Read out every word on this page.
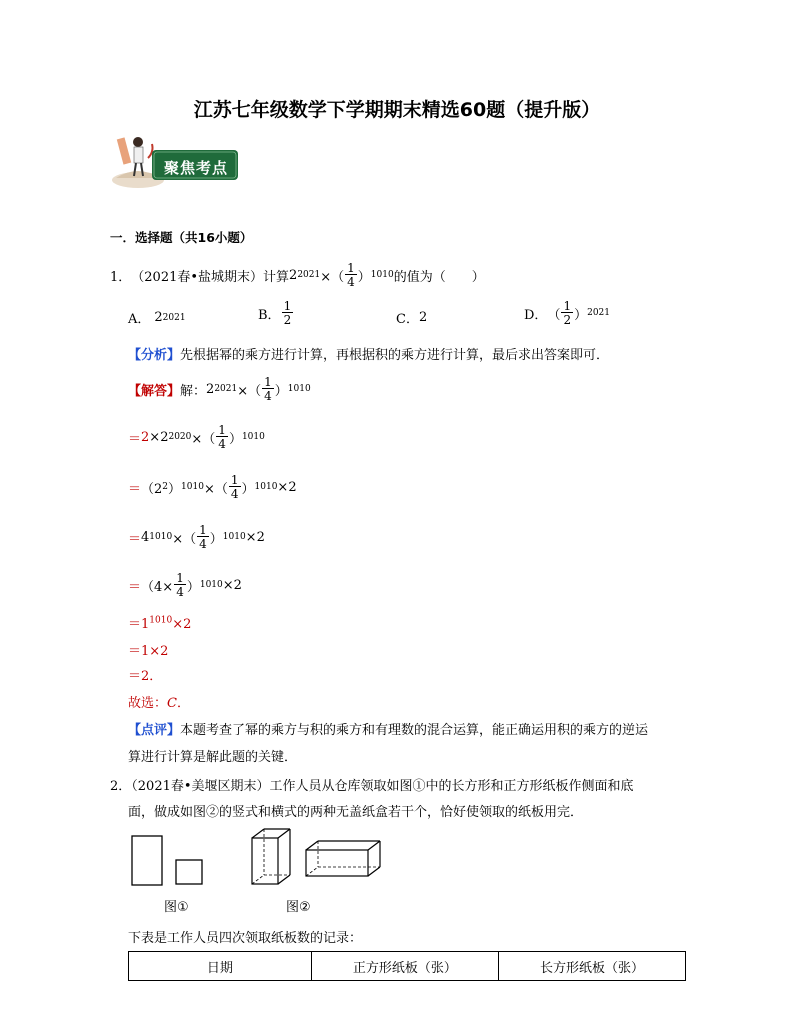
江苏七年级数学下学期期末精选60题（提升版）
聚焦考点
一．选择题（共16小题）
1． （2021春•盐城期末）计算 2 2021 ×（ $\frac{1}{4}$ ） 1010 的值为（　　）
A． 2 2021	B． $\frac{1}{2}$	C． 2	D． （ $\frac{1}{2}$ ） 2021
【分析】先根据幂的乘方进行计算，再根据积的乘方进行计算，最后求出答案即可．
【解答】 解： 2 2021 ×（ $\frac{1}{4}$ ） 1010
＝ 2 × 2 2020 ×（ $\frac{1}{4}$ ） 1010
＝ （2 2 ） 1010 ×（ $\frac{1}{4}$ ） 1010 ×2
＝ 4 1010 ×（ $\frac{1}{4}$ ） 1010 ×2
＝ （$4\times \frac{1}{4}$ ） 1010 ×2
$=1^{1010}\times 2$
＝1×2
＝2．
故选：C．
【点评】本题考查了幂的乘方与积的乘方和有理数的混合运算，能正确运用积的乘方的逆运
算进行计算是解此题的关键．
2．（2021春•美堰区期末）工作人员从仓库领取如图①中的长方形和正方形纸板作侧面和底
面，做成如图②的竖式和横式的两种无盖纸盒若干个，恰好使领取的纸板用完．
图①	图②
下表是工作人员四次领取纸板数的记录：
日期	正方形纸板（张）	长方形纸板（张）
